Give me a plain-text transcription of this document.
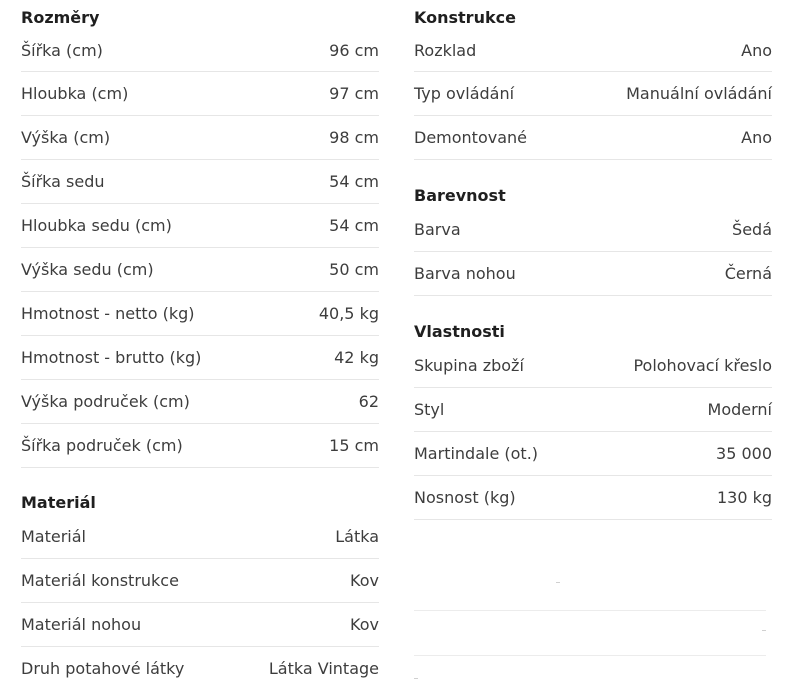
Rozměry
Šířka (cm)	96 cm
Hloubka (cm)	97 cm
Výška (cm)	98 cm
Šířka sedu	54 cm
Hloubka sedu (cm)	54 cm
Výška sedu (cm)	50 cm
Hmotnost - netto (kg)	40,5 kg
Hmotnost - brutto (kg)	42 kg
Výška područek (cm)	62
Šířka područek (cm)	15 cm
Materiál
Materiál	Látka
Materiál konstrukce	Kov
Materiál nohou	Kov
Druh potahové látky	Látka Vintage
Konstrukce
Rozklad	Ano
Typ ovládání	Manuální ovládání
Demontované	Ano
Barevnost
Barva	Šedá
Barva nohou	Černá
Vlastnosti
Skupina zboží	Polohovací křeslo
Styl	Moderní
Martindale (ot.)	35 000
Nosnost (kg)	130 kg
